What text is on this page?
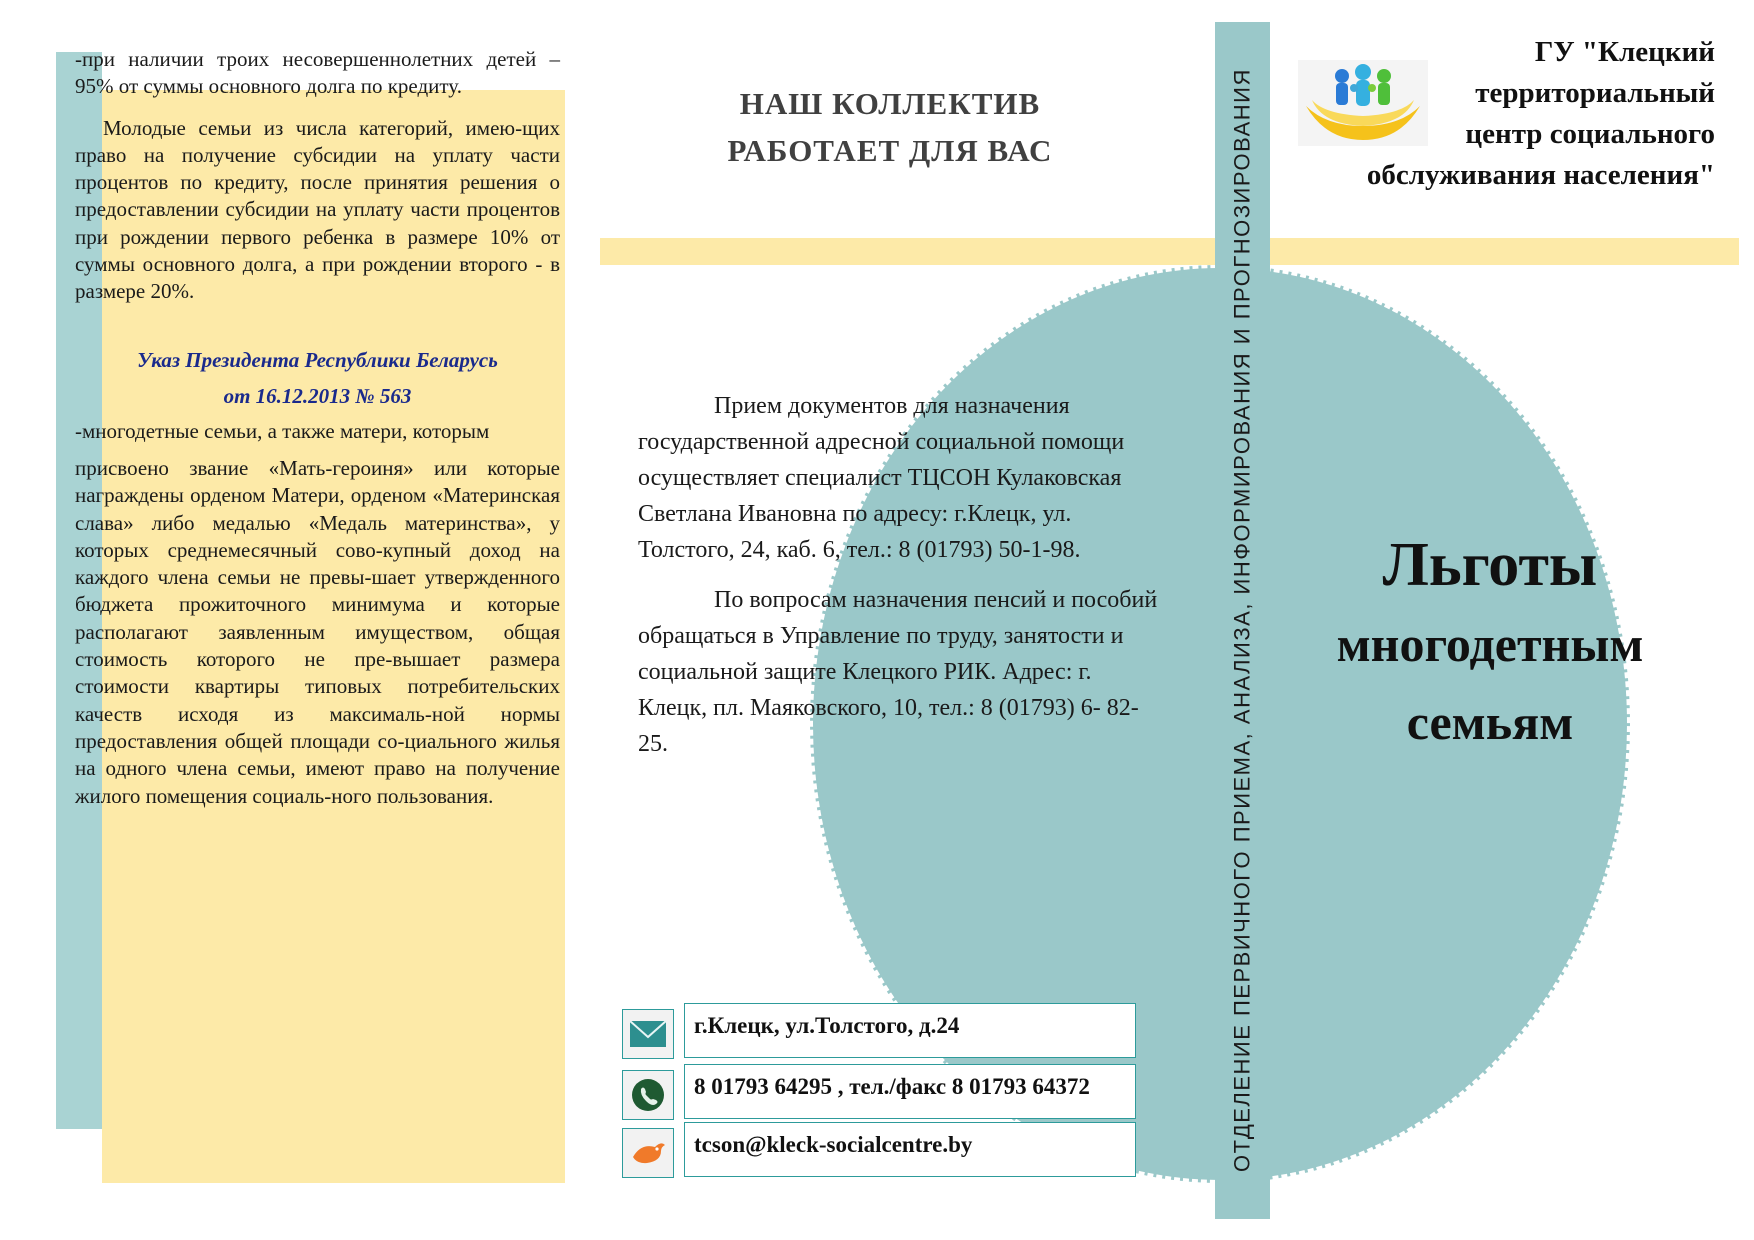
-при наличии троих несовершеннолетних детей – 95% от суммы основного долга по кредиту.

Молодые семьи из числа категорий, имею-щих право на получение субсидии на уплату части процентов по кредиту, после принятия решения о предоставлении субсидии на уплату части процентов при рождении первого ребенка в размере 10% от суммы основного долга, а при рождении второго - в размере 20%.

Указ Президента Республики Беларусь

от 16.12.2013 № 563

-многодетные семьи, а также матери, которым

присвоено звание «Мать-героиня» или которые награждены орденом Матери, орденом «Материнская слава» либо медалью «Медаль материнства», у которых среднемесячный сово-купный доход на каждого члена семьи не превы-шает утвержденного бюджета прожиточного минимума и которые располагают заявленным имуществом, общая стоимость которого не пре-вышает размера стоимости квартиры типовых потребительских качеств исходя из максималь-ной нормы предоставления общей площади со-циального жилья на одного члена семьи, имеют право на получение жилого помещения социаль-ного пользования.

НАШ КОЛЛЕКТИВ
РАБОТАЕТ ДЛЯ ВАС

Прием документов для назначения государственной адресной социальной помощи осуществляет специалист ТЦСОН Кулаковская Светлана Ивановна по адресу: г.Клецк, ул. Толстого, 24, каб. 6, тел.: 8 (01793) 50-1-98.

По вопросам назначения пенсий и пособий обращаться в Управление по труду, занятости и социальной защите Клецкого РИК. Адрес: г. Клецк, пл. Маяковского, 10, тел.: 8 (01793) 6- 82-25.

г.Клецк, ул.Толстого, д.24
8 01793 64295 , тел./факс 8 01793 64372
tcson@kleck-socialcentre.by	ОТДЕЛЕНИЕ ПЕРВИЧНОГО ПРИЕМА, АНАЛИЗА, ИНФОРМИРОВАНИЯ И ПРОГНОЗИРОВАНИЯ
ГУ "Клецкий
территориальный
центр социального
обслуживания населения"
Льготы
многодетным
семьям
